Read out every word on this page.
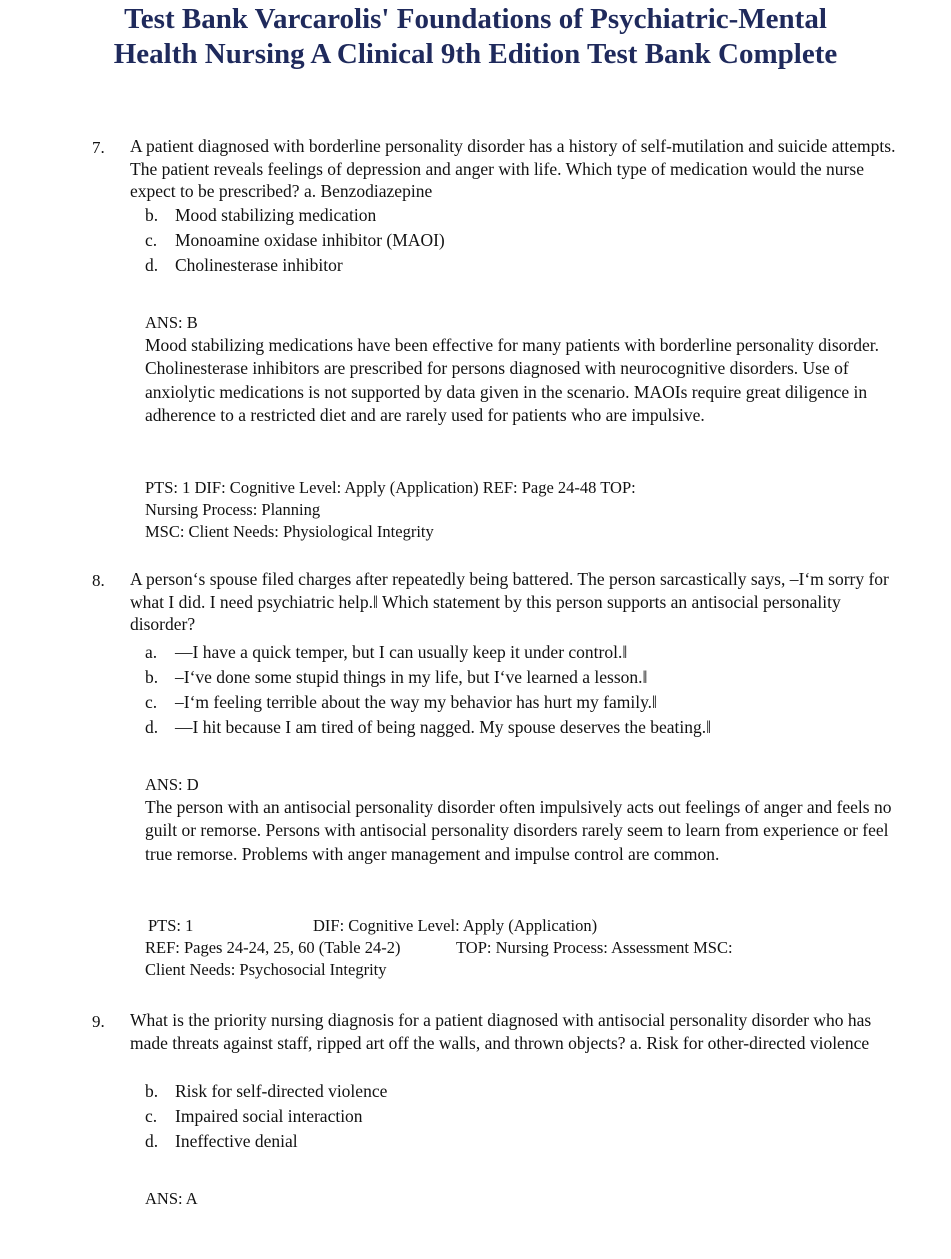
Test Bank Varcarolis' Foundations of Psychiatric-Mental
Health Nursing A Clinical 9th Edition Test Bank Complete
7. A patient diagnosed with borderline personality disorder has a history of self-mutilation and suicide attempts. The patient reveals feelings of depression and anger with life. Which type of medication would the nurse expect to be prescribed? a. Benzodiazepine
b. Mood stabilizing medication
c. Monoamine oxidase inhibitor (MAOI)
d. Cholinesterase inhibitor
ANS: B
Mood stabilizing medications have been effective for many patients with borderline personality disorder. Cholinesterase inhibitors are prescribed for persons diagnosed with neurocognitive disorders. Use of anxiolytic medications is not supported by data given in the scenario. MAOIs require great diligence in adherence to a restricted diet and are rarely used for patients who are impulsive.
PTS: 1 DIF: Cognitive Level: Apply (Application) REF: Page 24-48 TOP:
Nursing Process: Planning
MSC: Client Needs: Physiological Integrity
8. A person‘s spouse filed charges after repeatedly being battered. The person sarcastically says, –I‘m sorry for what I did. I need psychiatric help.‖ Which statement by this person supports an antisocial personality disorder?
a. —I have a quick temper, but I can usually keep it under control.‖
b. –I‘ve done some stupid things in my life, but I‘ve learned a lesson.‖
c. –I‘m feeling terrible about the way my behavior has hurt my family.‖
d. —I hit because I am tired of being nagged. My spouse deserves the beating.‖
ANS: D
The person with an antisocial personality disorder often impulsively acts out feelings of anger and feels no guilt or remorse. Persons with antisocial personality disorders rarely seem to learn from experience or feel true remorse. Problems with anger management and impulse control are common.
PTS: 1	DIF: Cognitive Level: Apply (Application)
REF: Pages 24-24, 25, 60 (Table 24-2)	TOP: Nursing Process: Assessment MSC:
Client Needs: Psychosocial Integrity
9. What is the priority nursing diagnosis for a patient diagnosed with antisocial personality disorder who has made threats against staff, ripped art off the walls, and thrown objects? a. Risk for other-directed violence
b. Risk for self-directed violence
c. Impaired social interaction
d. Ineffective denial
ANS: A
